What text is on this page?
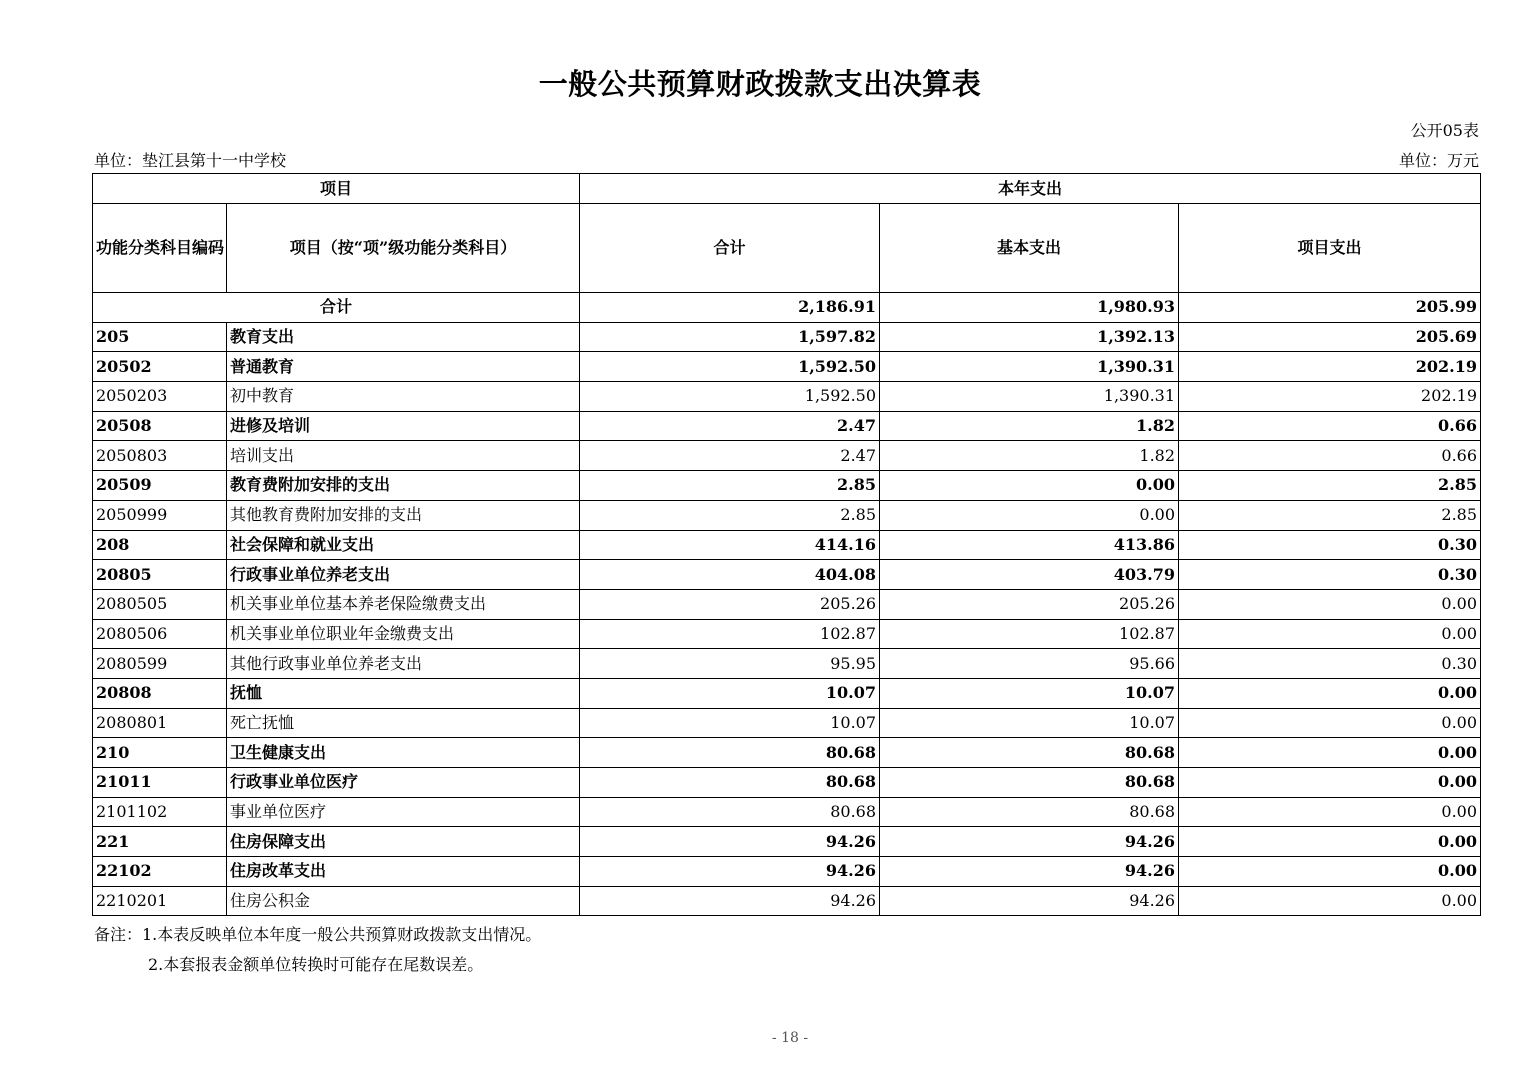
一般公共预算财政拨款支出决算表
公开05表
单位：垫江县第十一中学校	单位：万元
项目		本年支出		
功能分类科目编码	项目（按“项”级功能分类科目）	合计	基本支出	项目支出
合计		2,186.91	1,980.93	205.99
205	教育支出	1,597.82	1,392.13	205.69
20502	普通教育	1,592.50	1,390.31	202.19
2050203	初中教育	1,592.50	1,390.31	202.19
20508	进修及培训	2.47	1.82	0.66
2050803	培训支出	2.47	1.82	0.66
20509	教育费附加安排的支出	2.85	0.00	2.85
2050999	其他教育费附加安排的支出	2.85	0.00	2.85
208	社会保障和就业支出	414.16	413.86	0.30
20805	行政事业单位养老支出	404.08	403.79	0.30
2080505	机关事业单位基本养老保险缴费支出	205.26	205.26	0.00
2080506	机关事业单位职业年金缴费支出	102.87	102.87	0.00
2080599	其他行政事业单位养老支出	95.95	95.66	0.30
20808	抚恤	10.07	10.07	0.00
2080801	死亡抚恤	10.07	10.07	0.00
210	卫生健康支出	80.68	80.68	0.00
21011	行政事业单位医疗	80.68	80.68	0.00
2101102	事业单位医疗	80.68	80.68	0.00
221	住房保障支出	94.26	94.26	0.00
22102	住房改革支出	94.26	94.26	0.00
2210201	住房公积金	94.26	94.26	0.00
备注：1.本表反映单位本年度一般公共预算财政拨款支出情况。
2.本套报表金额单位转换时可能存在尾数误差。
- 18 -
